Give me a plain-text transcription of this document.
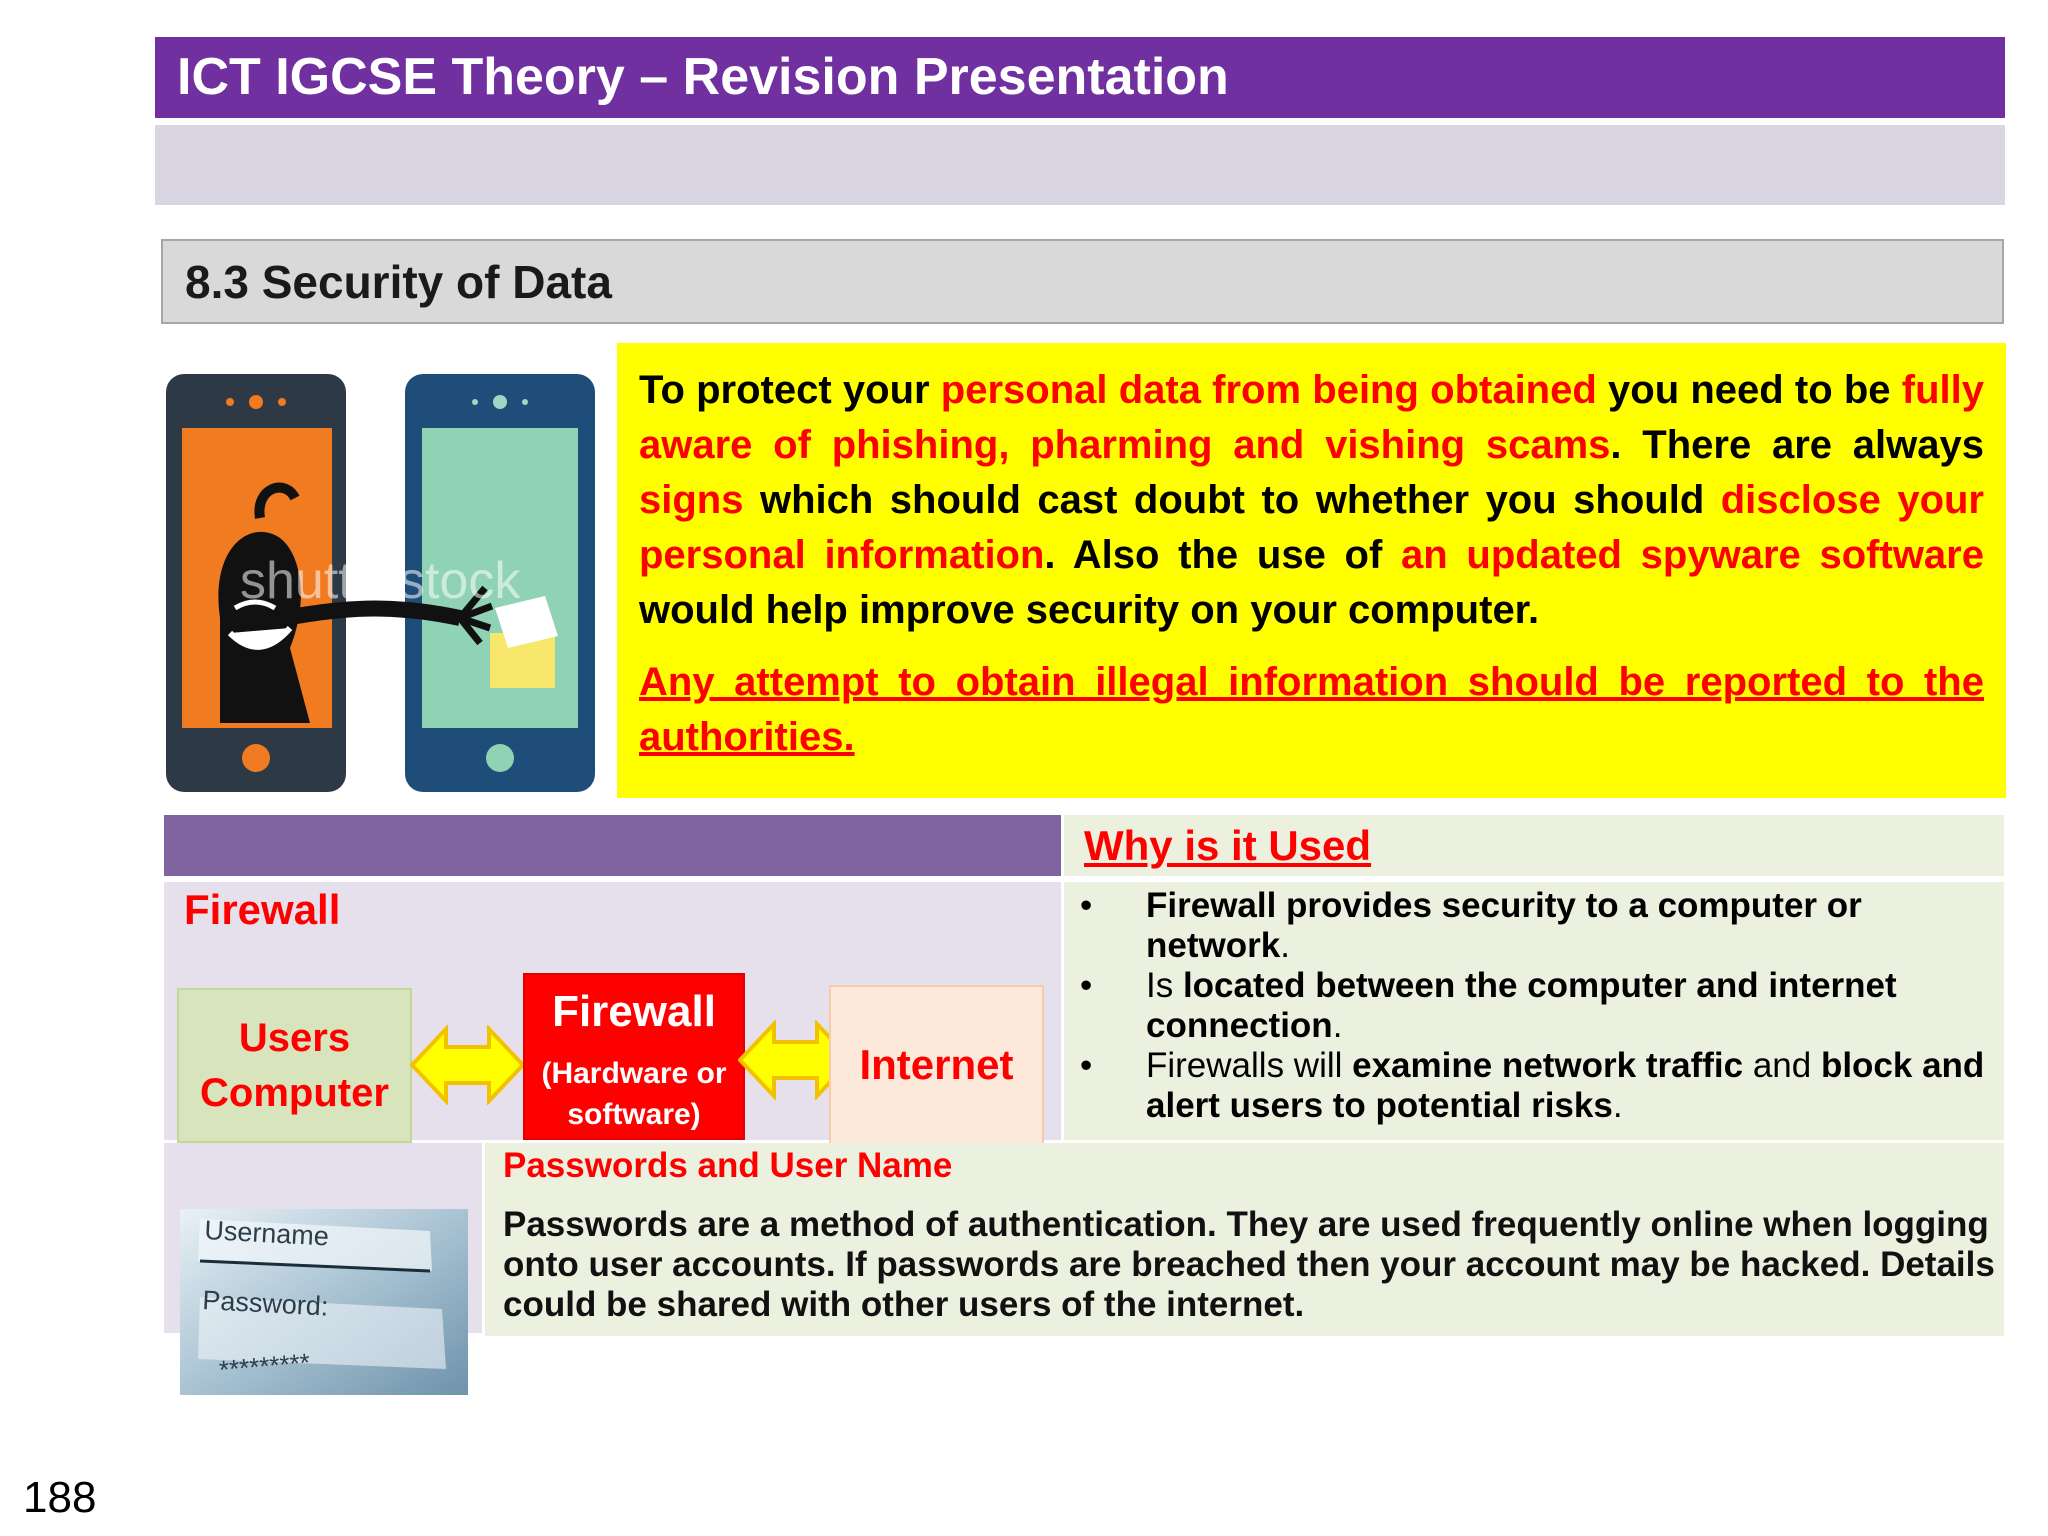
ICT IGCSE Theory – Revision Presentation
8.3 Security of Data
shutterstock

To protect your personal data from being obtained you need to be fully aware of phishing, pharming and vishing scams. There are always signs which should cast doubt to whether you should disclose your personal information. Also the use of an updated spyware software would help improve security on your computer.

Any attempt to obtain illegal information should be reported to the authorities.

Why is it Used
Firewall
Users Computer
Firewall
(Hardware or software)
Internet
• Firewall provides security to a computer or network.
• Is located between the computer and internet connection.
• Firewalls will examine network traffic and block and alert users to potential risks.
Passwords and User Name
Passwords are a method of authentication. They are used frequently online when logging onto user accounts. If passwords are breached then your account may be hacked. Details could be shared with other users of the internet.
Username
Password:
*********
188
